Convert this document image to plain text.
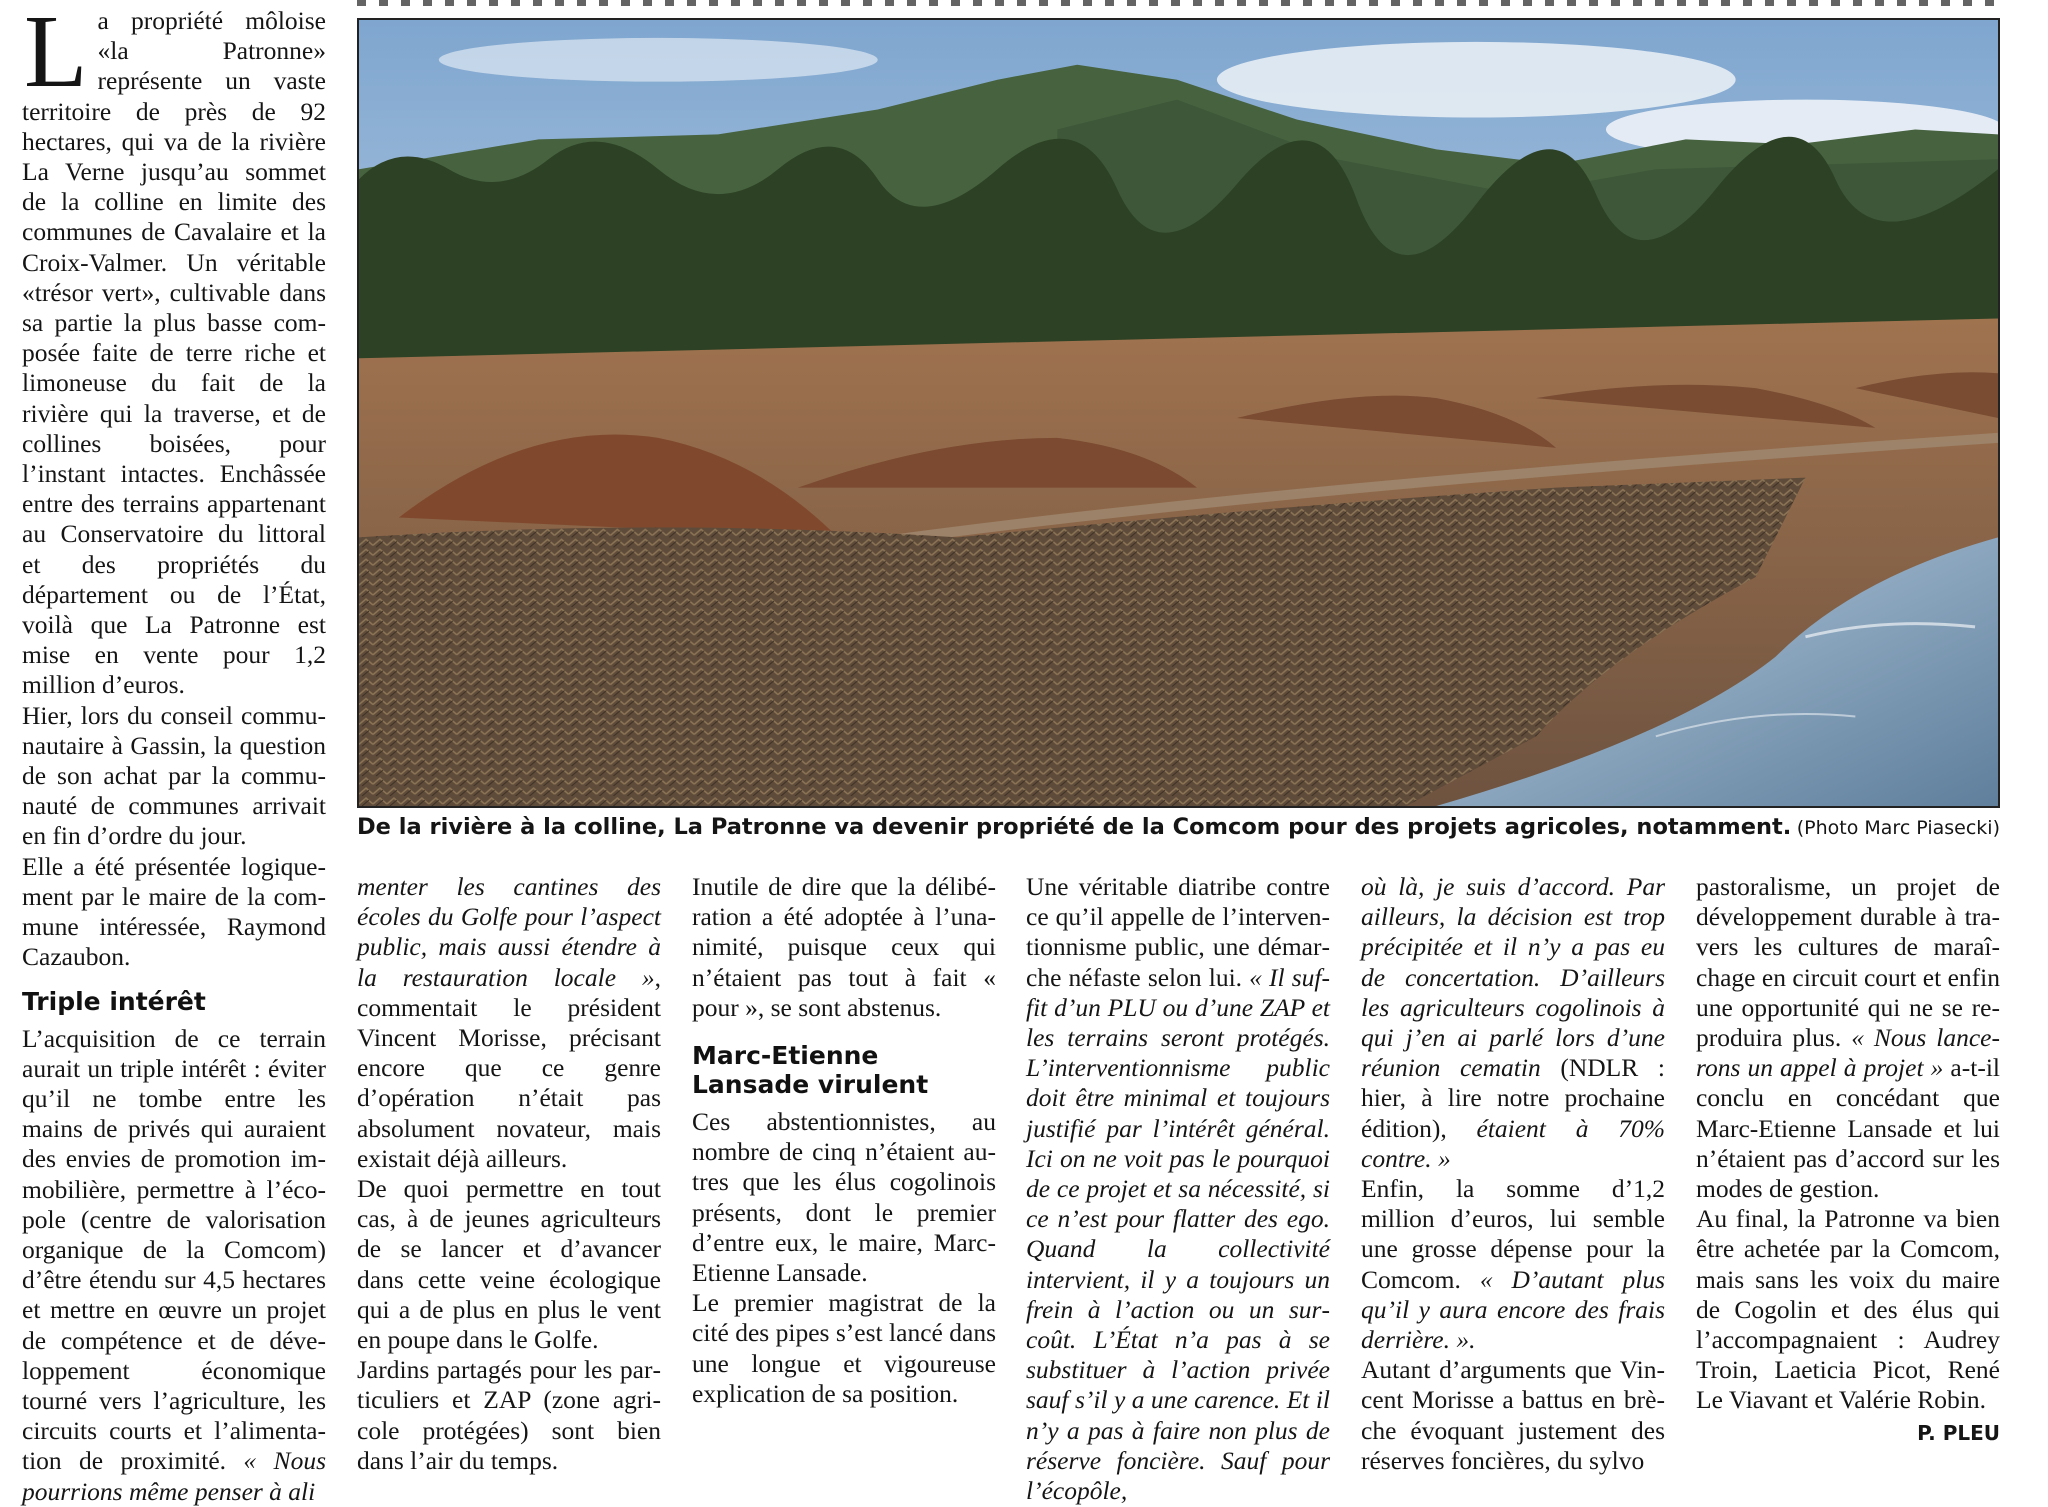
De la rivière à la colline, La Patronne va devenir propriété de la Comcom pour des projets agricoles, notamment. (Photo Marc Piasecki)

La propriété môloise «la Patronne» représente un vaste territoire de près de 92 hectares, qui va de la rivière La Verne jusqu’au sommet de la colline en limite des communes de Cavalaire et la Croix-Valmer. Un véritable «trésor vert», cultivable dans sa partie la plus basse composée faite de terre riche et limoneuse du fait de la rivière qui la traverse, et de collines boisées, pour l’instant intactes. Enchâssée entre des terrains appartenant au Conservatoire du littoral et des propriétés du département ou de l’État, voilà que La Patronne est mise en vente pour 1,2 million d’euros.

Hier, lors du conseil communautaire à Gassin, la question de son achat par la communauté de communes arrivait en fin d’ordre du jour.

Elle a été présentée logiquement par le maire de la commune intéressée, Raymond Cazaubon.

Triple intérêt

L’acquisition de ce terrain aurait un triple intérêt : éviter qu’il ne tombe entre les mains de privés qui auraient des envies de promotion immobilière, permettre à l’écopole (centre de valorisation organique de la Comcom) d’être étendu sur 4,5 hectares et mettre en œuvre un projet de compétence et de développement économique tourné vers l’agriculture, les circuits courts et l’alimentation de proximité. « Nous pourrions même penser à ali

menter les cantines des écoles du Golfe pour l’aspect public, mais aussi étendre à la restauration locale », commentait le président Vincent Morisse, précisant encore que ce genre d’opération n’était pas absolument novateur, mais existait déjà ailleurs.

De quoi permettre en tout cas, à de jeunes agriculteurs de se lancer et d’avancer dans cette veine écologique qui a de plus en plus le vent en poupe dans le Golfe.

Jardins partagés pour les particuliers et ZAP (zone agricole protégées) sont bien dans l’air du temps.

Inutile de dire que la délibération a été adoptée à l’unanimité, puisque ceux qui n’étaient pas tout à fait « pour », se sont abstenus.

Marc-Etienne Lansade virulent

Ces abstentionnistes, au nombre de cinq n’étaient autres que les élus cogolinois présents, dont le premier d’entre eux, le maire, Marc-Etienne Lansade.

Le premier magistrat de la cité des pipes s’est lancé dans une longue et vigoureuse explication de sa position.

Une véritable diatribe contre ce qu’il appelle de l’interventionnisme public, une démarche néfaste selon lui. « Il suffit d’un PLU ou d’une ZAP et les terrains seront protégés. L’interventionnisme public doit être minimal et toujours justifié par l’intérêt général. Ici on ne voit pas le pourquoi de ce projet et sa nécessité, si ce n’est pour flatter des ego. Quand la collectivité intervient, il y a toujours un frein à l’action ou un surcoût. L’État n’a pas à se substituer à l’action privée sauf s’il y a une carence. Et il n’y a pas à faire non plus de réserve foncière. Sauf pour l’écopôle,

où là, je suis d’accord. Par ailleurs, la décision est trop précipitée et il n’y a pas eu de concertation. D’ailleurs les agriculteurs cogolinois à qui j’en ai parlé lors d’une réunion cematin (NDLR : hier, à lire notre prochaine édition), étaient à 70% contre. »

Enfin, la somme d’1,2 million d’euros, lui semble une grosse dépense pour la Comcom. « D’autant plus qu’il y aura encore des frais derrière. ».

Autant d’arguments que Vincent Morisse a battus en brèche évoquant justement des réserves foncières, du sylvo

pastoralisme, un projet de développement durable à travers les cultures de maraîchage en circuit court et enfin une opportunité qui ne se reproduira plus. « Nous lancerons un appel à projet » a-t-il conclu en concédant que Marc-Etienne Lansade et lui n’étaient pas d’accord sur les modes de gestion.

Au final, la Patronne va bien être achetée par la Comcom, mais sans les voix du maire de Cogolin et des élus qui l’accompagnaient : Audrey Troin, Laeticia Picot, René Le Viavant et Valérie Robin.

P. PLEU
